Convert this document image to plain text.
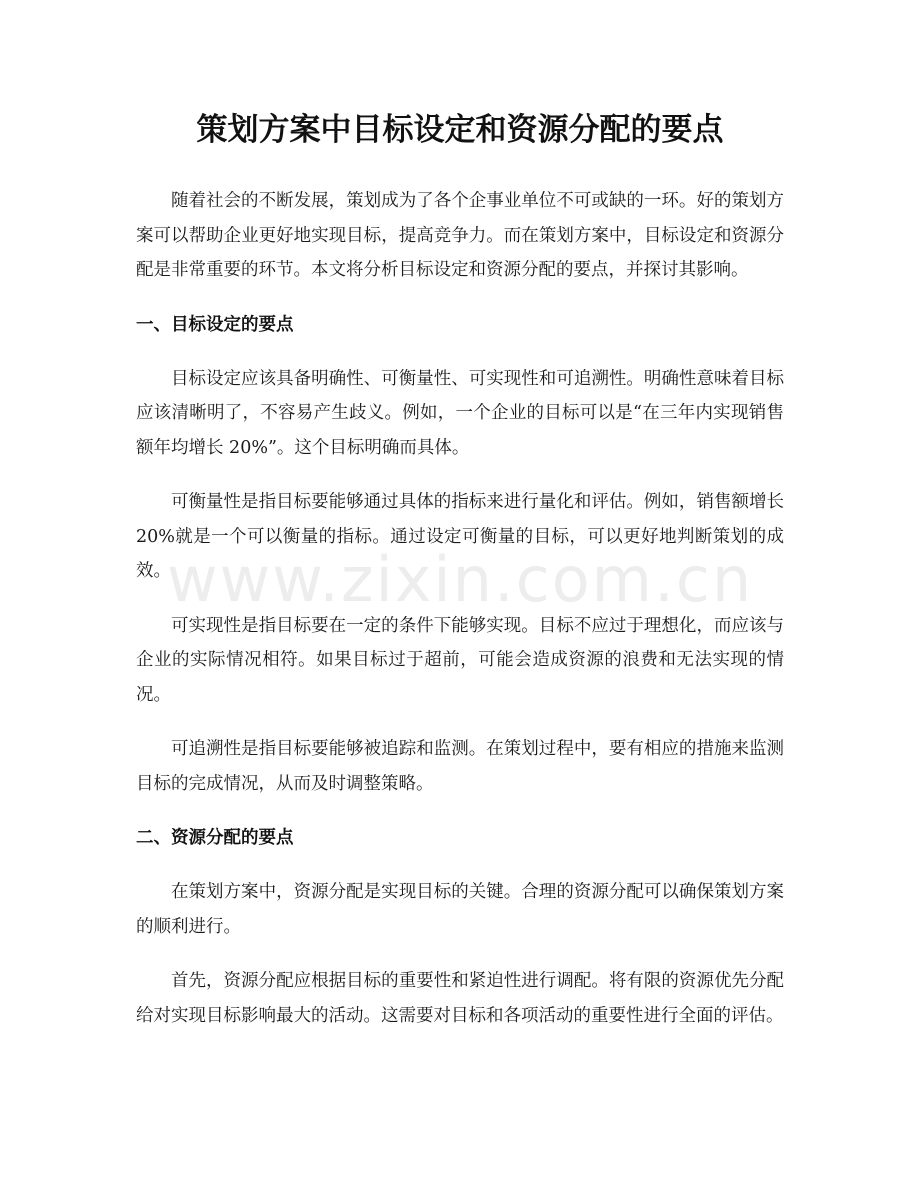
策划方案中目标设定和资源分配的要点

随着社会的不断发展，策划成为了各个企事业单位不可或缺的一环。好的策划方案可以帮助企业更好地实现目标，提高竞争力。而在策划方案中，目标设定和资源分配是非常重要的环节。本文将分析目标设定和资源分配的要点，并探讨其影响。

一、目标设定的要点

目标设定应该具备明确性、可衡量性、可实现性和可追溯性。明确性意味着目标应该清晰明了，不容易产生歧义。例如，一个企业的目标可以是“在三年内实现销售额年均增长 20%”。这个目标明确而具体。

可衡量性是指目标要能够通过具体的指标来进行量化和评估。例如，销售额增长 20%就是一个可以衡量的指标。通过设定可衡量的目标，可以更好地判断策划的成效。

可实现性是指目标要在一定的条件下能够实现。目标不应过于理想化，而应该与企业的实际情况相符。如果目标过于超前，可能会造成资源的浪费和无法实现的情况。

可追溯性是指目标要能够被追踪和监测。在策划过程中，要有相应的措施来监测目标的完成情况，从而及时调整策略。

二、资源分配的要点

在策划方案中，资源分配是实现目标的关键。合理的资源分配可以确保策划方案的顺利进行。

首先，资源分配应根据目标的重要性和紧迫性进行调配。将有限的资源优先分配给对实现目标影响最大的活动。这需要对目标和各项活动的重要性进行全面的评估。

www.zixin.com.cn
